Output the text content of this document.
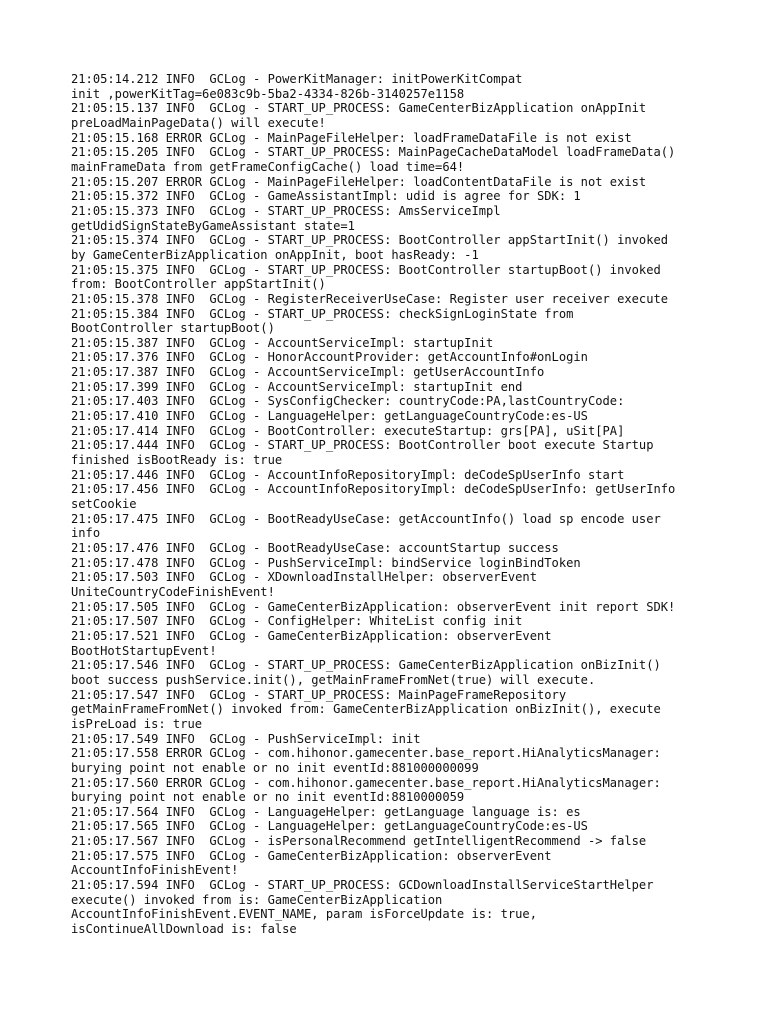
21:05:14.212 INFO  GCLog - PowerKitManager: initPowerKitCompat

init ,powerKitTag=6e083c9b-5ba2-4334-826b-3140257e1158

21:05:15.137 INFO  GCLog - START_UP_PROCESS: GameCenterBizApplication onAppInit

preLoadMainPageData() will execute!

21:05:15.168 ERROR GCLog - MainPageFileHelper: loadFrameDataFile is not exist

21:05:15.205 INFO  GCLog - START_UP_PROCESS: MainPageCacheDataModel loadFrameData()

mainFrameData from getFrameConfigCache() load time=64!

21:05:15.207 ERROR GCLog - MainPageFileHelper: loadContentDataFile is not exist

21:05:15.372 INFO  GCLog - GameAssistantImpl: udid is agree for SDK: 1

21:05:15.373 INFO  GCLog - START_UP_PROCESS: AmsServiceImpl

getUdidSignStateByGameAssistant state=1

21:05:15.374 INFO  GCLog - START_UP_PROCESS: BootController appStartInit() invoked

by GameCenterBizApplication onAppInit, boot hasReady: -1

21:05:15.375 INFO  GCLog - START_UP_PROCESS: BootController startupBoot() invoked

from: BootController appStartInit()

21:05:15.378 INFO  GCLog - RegisterReceiverUseCase: Register user receiver execute

21:05:15.384 INFO  GCLog - START_UP_PROCESS: checkSignLoginState from

BootController startupBoot()

21:05:15.387 INFO  GCLog - AccountServiceImpl: startupInit

21:05:17.376 INFO  GCLog - HonorAccountProvider: getAccountInfo#onLogin

21:05:17.387 INFO  GCLog - AccountServiceImpl: getUserAccountInfo

21:05:17.399 INFO  GCLog - AccountServiceImpl: startupInit end

21:05:17.403 INFO  GCLog - SysConfigChecker: countryCode:PA,lastCountryCode:

21:05:17.410 INFO  GCLog - LanguageHelper: getLanguageCountryCode:es-US

21:05:17.414 INFO  GCLog - BootController: executeStartup: grs[PA], uSit[PA]

21:05:17.444 INFO  GCLog - START_UP_PROCESS: BootController boot execute Startup

finished isBootReady is: true

21:05:17.446 INFO  GCLog - AccountInfoRepositoryImpl: deCodeSpUserInfo start

21:05:17.456 INFO  GCLog - AccountInfoRepositoryImpl: deCodeSpUserInfo: getUserInfo

setCookie

21:05:17.475 INFO  GCLog - BootReadyUseCase: getAccountInfo() load sp encode user

info

21:05:17.476 INFO  GCLog - BootReadyUseCase: accountStartup success

21:05:17.478 INFO  GCLog - PushServiceImpl: bindService loginBindToken

21:05:17.503 INFO  GCLog - XDownloadInstallHelper: observerEvent

UniteCountryCodeFinishEvent!

21:05:17.505 INFO  GCLog - GameCenterBizApplication: observerEvent init report SDK!

21:05:17.507 INFO  GCLog - ConfigHelper: WhiteList config init

21:05:17.521 INFO  GCLog - GameCenterBizApplication: observerEvent

BootHotStartupEvent!

21:05:17.546 INFO  GCLog - START_UP_PROCESS: GameCenterBizApplication onBizInit()

boot success pushService.init(), getMainFrameFromNet(true) will execute.

21:05:17.547 INFO  GCLog - START_UP_PROCESS: MainPageFrameRepository

getMainFrameFromNet() invoked from: GameCenterBizApplication onBizInit(), execute

isPreLoad is: true

21:05:17.549 INFO  GCLog - PushServiceImpl: init

21:05:17.558 ERROR GCLog - com.hihonor.gamecenter.base_report.HiAnalyticsManager:

burying point not enable or no init eventId:881000000099

21:05:17.560 ERROR GCLog - com.hihonor.gamecenter.base_report.HiAnalyticsManager:

burying point not enable or no init eventId:8810000059

21:05:17.564 INFO  GCLog - LanguageHelper: getLanguage language is: es

21:05:17.565 INFO  GCLog - LanguageHelper: getLanguageCountryCode:es-US

21:05:17.567 INFO  GCLog - isPersonalRecommend getIntelligentRecommend -> false

21:05:17.575 INFO  GCLog - GameCenterBizApplication: observerEvent

AccountInfoFinishEvent!

21:05:17.594 INFO  GCLog - START_UP_PROCESS: GCDownloadInstallServiceStartHelper

execute() invoked from is: GameCenterBizApplication

AccountInfoFinishEvent.EVENT_NAME, param isForceUpdate is: true,

isContinueAllDownload is: false
